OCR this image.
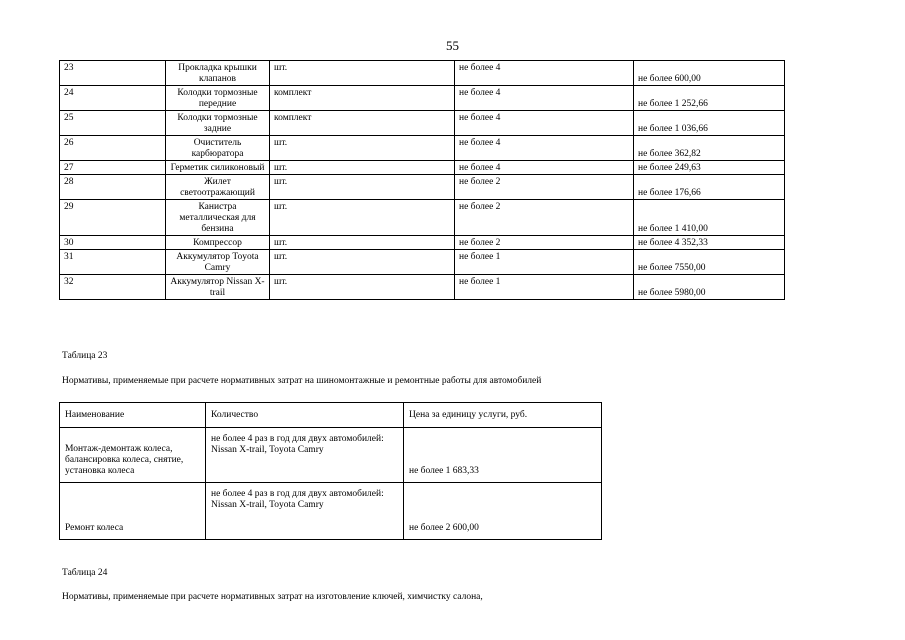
55
23	Прокладка крышки клапанов	шт.	не более 4	не более 600,00
24	Колодки тормозные передние	комплект	не более 4	не более 1 252,66
25	Колодки тормозные задние	комплект	не более 4	не более 1 036,66
26	Очиститель карбюратора	шт.	не более 4	не более 362,82
27	Герметик силиконовый	шт.	не более 4	не более 249,63
28	Жилет светоотражающий	шт.	не более 2	не более 176,66
29	Канистра металлическая для бензина	шт.	не более 2	не более 1 410,00
30	Компрессор	шт.	не более 2	не более 4 352,33
31	Аккумулятор Toyota Camry	шт.	не более 1	не более 7550,00
32	Аккумулятор Nissan X-trail	шт.	не более 1	не более 5980,00
Таблица 23
Нормативы, применяемые при расчете нормативных затрат на шиномонтажные и ремонтные работы для автомобилей
Наименование	Количество	Цена за единицу услуги, руб.
Монтаж-демонтаж колеса, балансировка колеса, снятие, установка колеса	не более 4 раз в год для двух автомобилей: Nissan X-trail, Toyota Camry	не более 1 683,33
Ремонт колеса	не более 4 раз в год для двух автомобилей: Nissan X-trail, Toyota Camry	не более 2 600,00
Таблица 24
Нормативы, применяемые при расчете нормативных затрат на изготовление ключей, химчистку салона,
